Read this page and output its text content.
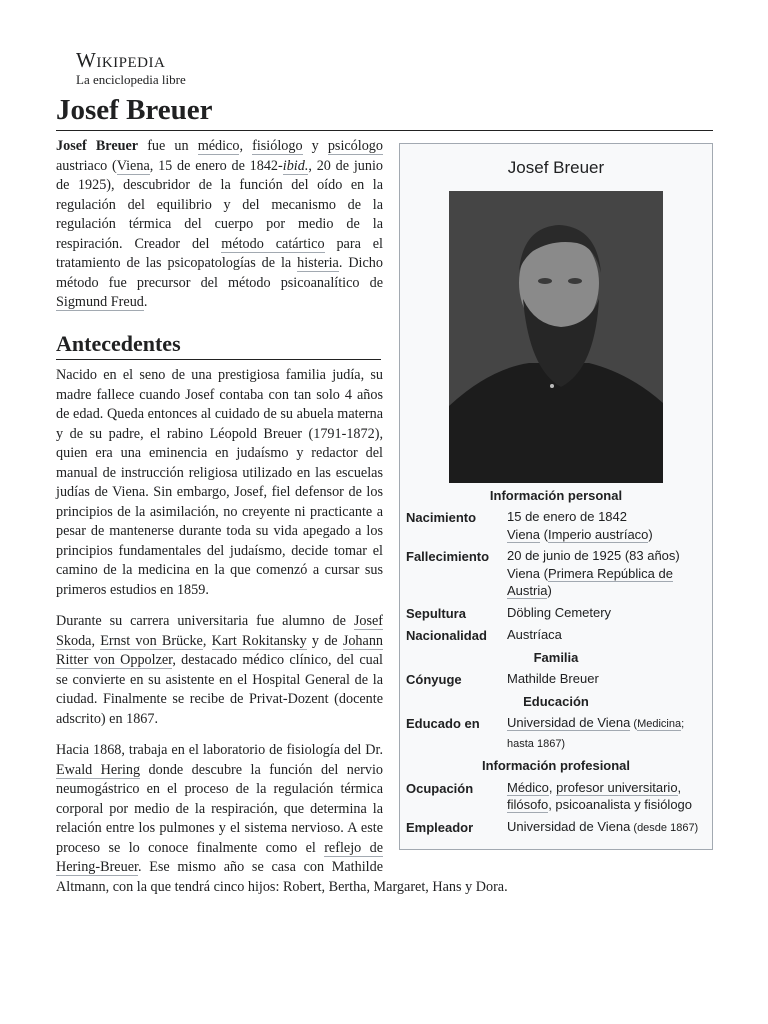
Wikipedia
La enciclopedia libre
Josef Breuer
Josef Breuer
Información personal
Nacimiento	15 de enero de 1842
Viena (Imperio austríaco)
Fallecimiento	20 de junio de 1925 (83 años)
Viena (Primera República de Austria)
Sepultura	Döbling Cemetery
Nacionalidad	Austríaca
Familia
Cónyuge	Mathilde Breuer
Educación
Educado en	Universidad de Viena (Medicina; hasta 1867)
Información profesional
Ocupación	Médico, profesor universitario, filósofo, psicoanalista y fisiólogo
Empleador	Universidad de Viena (desde 1867)

Josef Breuer fue un médico, fisiólogo y psicólogo austriaco (Viena, 15 de enero de 1842-ibid., 20 de junio de 1925), descubridor de la función del oído en la regulación del equilibrio y del mecanismo de la regulación térmica del cuerpo por medio de la respiración. Creador del método catártico para el tratamiento de las psicopatologías de la histeria. Dicho método fue precursor del método psicoanalítico de Sigmund Freud.

Antecedentes

Nacido en el seno de una prestigiosa familia judía, su madre fallece cuando Josef contaba con tan solo 4 años de edad. Queda entonces al cuidado de su abuela materna y de su padre, el rabino Léopold Breuer (1791-1872), quien era una eminencia en judaísmo y redactor del manual de instrucción religiosa utilizado en las escuelas judías de Viena. Sin embargo, Josef, fiel defensor de los principios de la asimilación, no creyente ni practicante a pesar de mantenerse durante toda su vida apegado a los principios fundamentales del judaísmo, decide tomar el camino de la medicina en la que comenzó a cursar sus primeros estudios en 1859.

Durante su carrera universitaria fue alumno de Josef Skoda, Ernst von Brücke, Kart Rokitansky y de Johann Ritter von Oppolzer, destacado médico clínico, del cual se convierte en su asistente en el Hospital General de la ciudad. Finalmente se recibe de Privat-Dozent (docente adscrito) en 1867.

Hacia 1868, trabaja en el laboratorio de fisiología del Dr. Ewald Hering donde descubre la función del nervio neumogástrico en el proceso de la regulación térmica corporal por medio de la respiración, que determina la relación entre los pulmones y el sistema nervioso. A este proceso se lo conoce finalmente como el reflejo de Hering-Breuer. Ese mismo año se casa con Mathilde Altmann, con la que tendrá cinco hijos: Robert, Bertha, Margaret, Hans y Dora.
